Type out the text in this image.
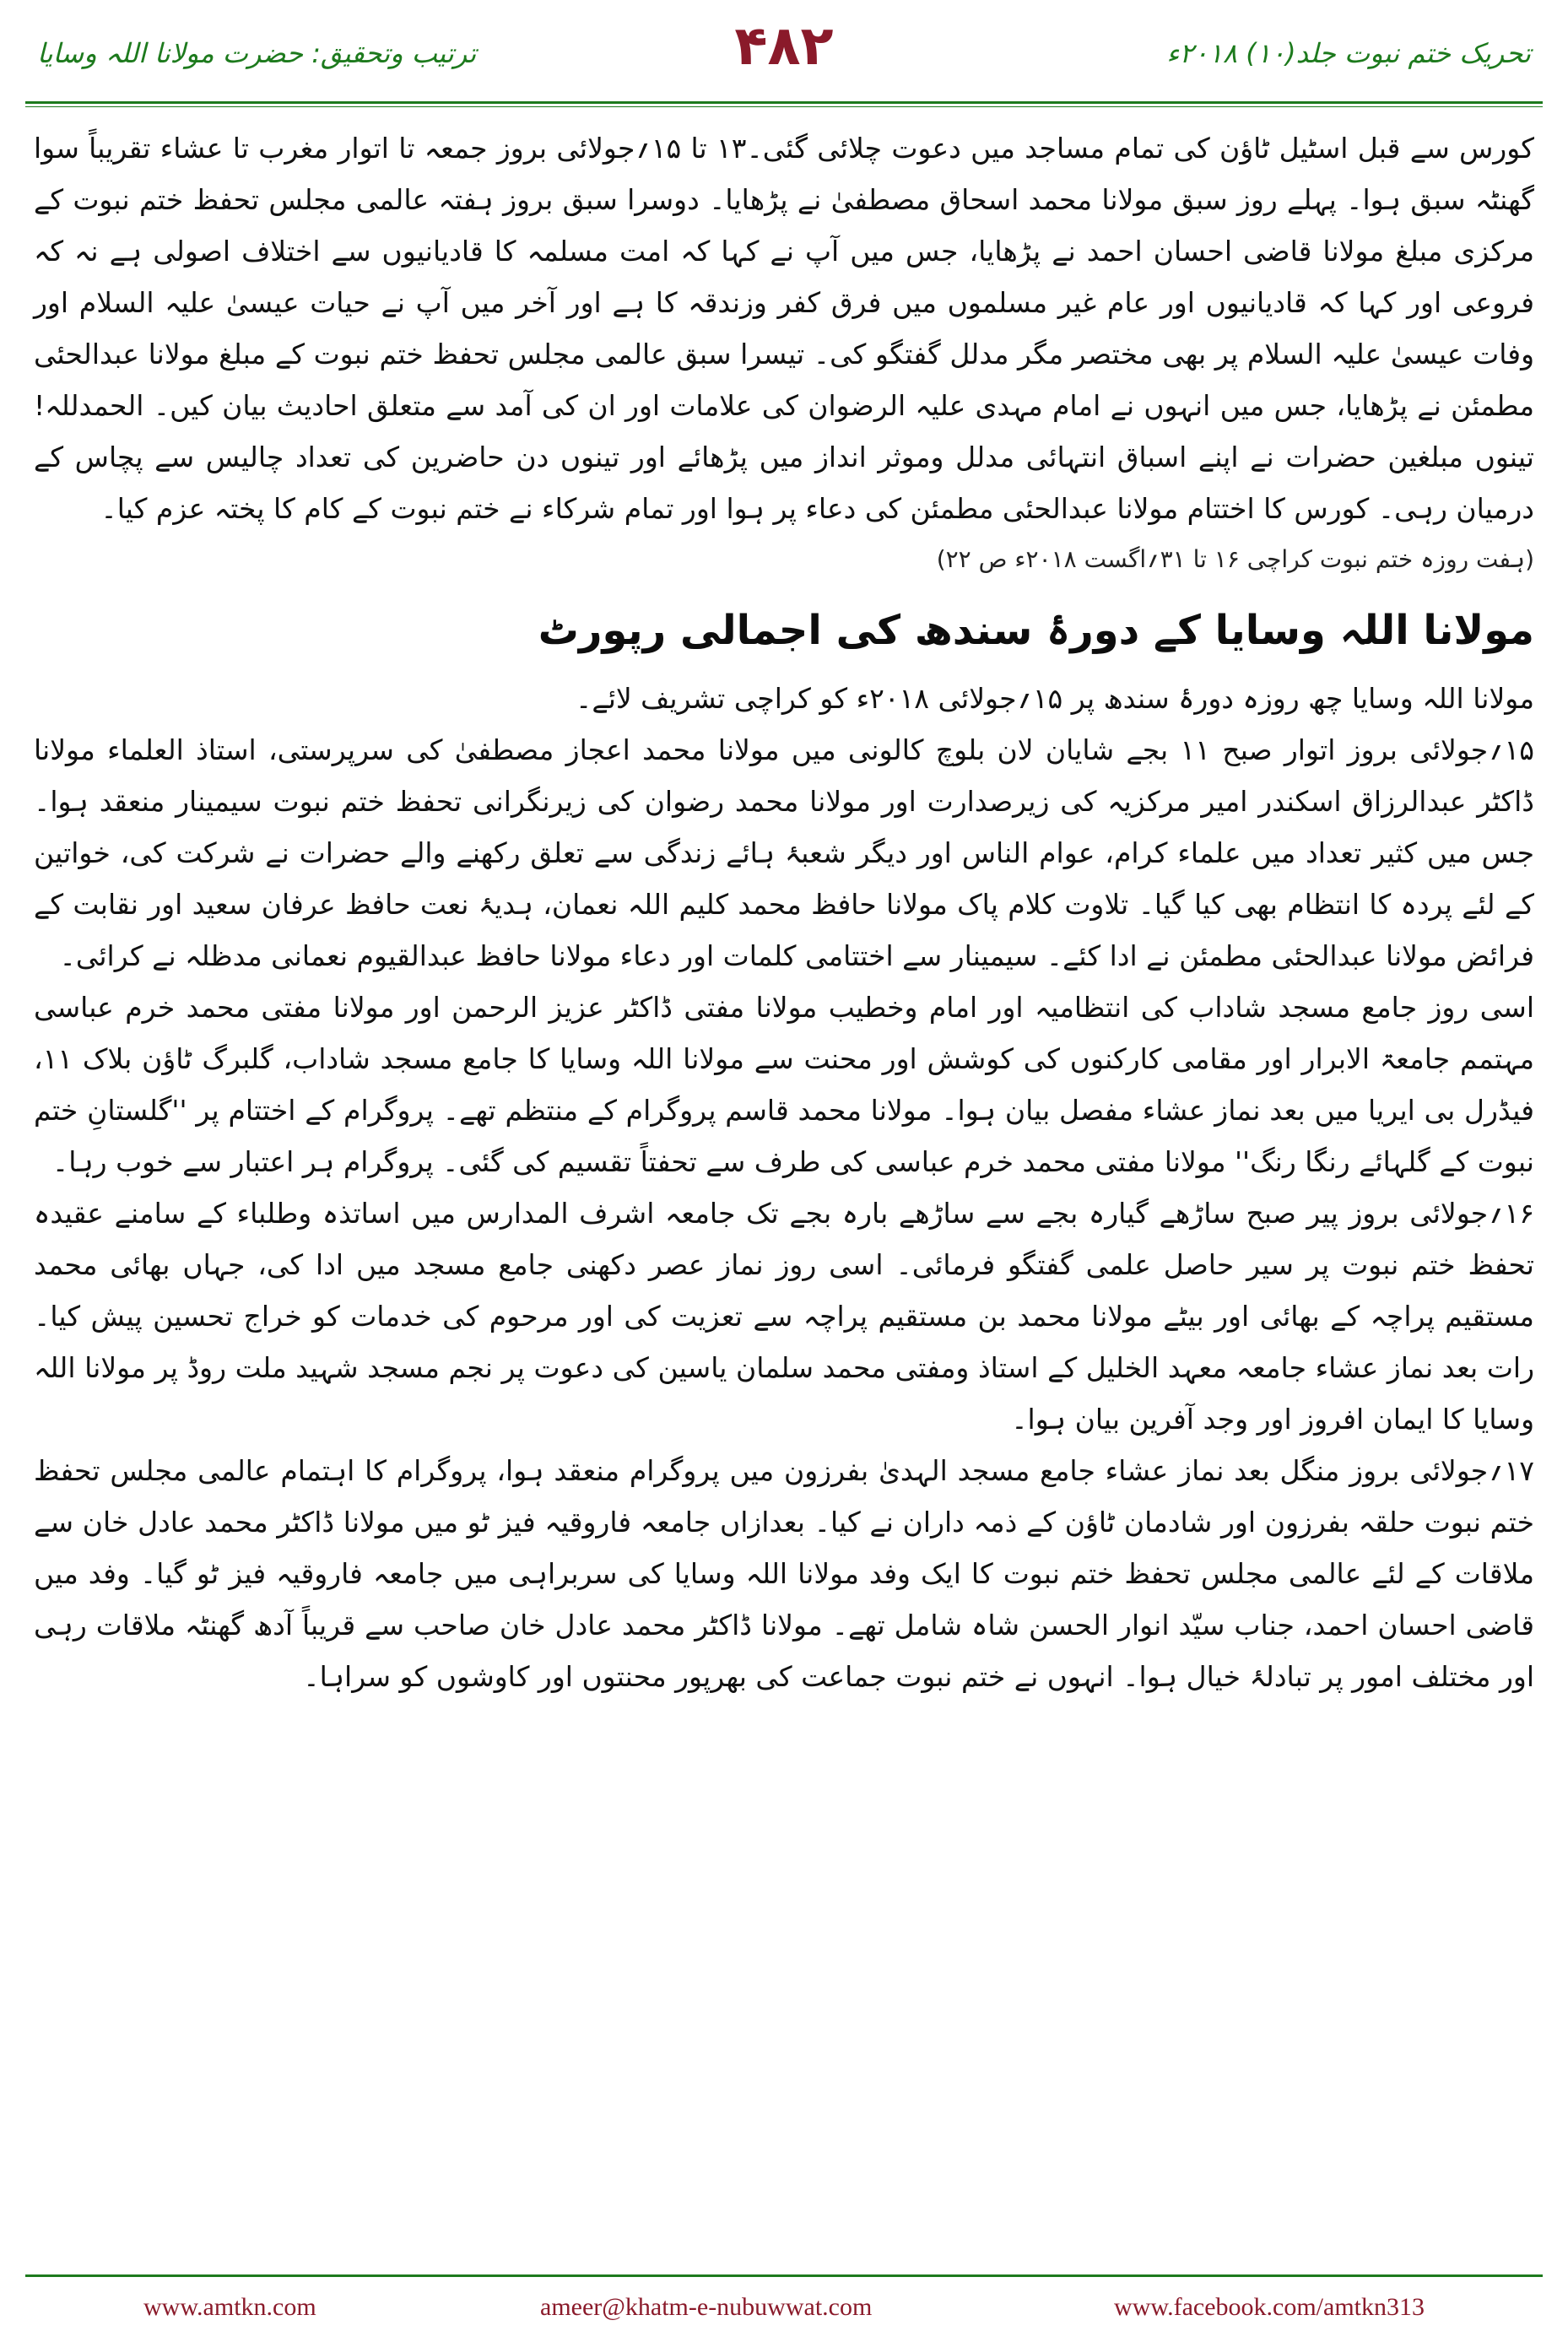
ترتیب وتحقیق: حضرت مولانا اللہ وسایا	۴۸۲	تحریک ختم نبوت جلد(۱۰) ۲۰۱۸ء

کورس سے قبل اسٹیل ٹاؤن کی تمام مساجد میں دعوت چلائی گئی۔۱۳ تا ۱۵؍جولائی بروز جمعہ تا اتوار مغرب تا عشاء تقریباً سوا گھنٹہ سبق ہوا۔ پہلے روز سبق مولانا محمد اسحاق مصطفیٰ نے پڑھایا۔ دوسرا سبق بروز ہفتہ عالمی مجلس تحفظ ختم نبوت کے مرکزی مبلغ مولانا قاضی احسان احمد نے پڑھایا، جس میں آپ نے کہا کہ امت مسلمہ کا قادیانیوں سے اختلاف اصولی ہے نہ کہ فروعی اور کہا کہ قادیانیوں اور عام غیر مسلموں میں فرق کفر وزندقہ کا ہے اور آخر میں آپ نے حیات عیسیٰ علیہ السلام اور وفات عیسیٰ علیہ السلام پر بھی مختصر مگر مدلل گفتگو کی۔ تیسرا سبق عالمی مجلس تحفظ ختم نبوت کے مبلغ مولانا عبدالحئی مطمئن نے پڑھایا، جس میں انہوں نے امام مہدی علیہ الرضوان کی علامات اور ان کی آمد سے متعلق احادیث بیان کیں۔ الحمدللہ! تینوں مبلغین حضرات نے اپنے اسباق انتہائی مدلل وموثر انداز میں پڑھائے اور تینوں دن حاضرین کی تعداد چالیس سے پچاس کے درمیان رہی۔ کورس کا اختتام مولانا عبدالحئی مطمئن کی دعاء پر ہوا اور تمام شرکاء نے ختم نبوت کے کام کا پختہ عزم کیا۔

(ہفت روزہ ختم نبوت کراچی ۱۶ تا ۳۱؍اگست ۲۰۱۸ء ص ۲۲)

مولانا اللہ وسایا کے دورۂ سندھ کی اجمالی رپورٹ

مولانا اللہ وسایا چھ روزہ دورۂ سندھ پر ۱۵؍جولائی ۲۰۱۸ء کو کراچی تشریف لائے۔

۱۵؍جولائی بروز اتوار صبح ۱۱ بجے شایان لان بلوچ کالونی میں مولانا محمد اعجاز مصطفیٰ کی سرپرستی، استاذ العلماء مولانا ڈاکٹر عبدالرزاق اسکندر امیر مرکزیہ کی زیرصدارت اور مولانا محمد رضوان کی زیرنگرانی تحفظ ختم نبوت سیمینار منعقد ہوا۔ جس میں کثیر تعداد میں علماء کرام، عوام الناس اور دیگر شعبۂ ہائے زندگی سے تعلق رکھنے والے حضرات نے شرکت کی، خواتین کے لئے پردہ کا انتظام بھی کیا گیا۔ تلاوت کلام پاک مولانا حافظ محمد کلیم اللہ نعمان، ہدیۂ نعت حافظ عرفان سعید اور نقابت کے فرائض مولانا عبدالحئی مطمئن نے ادا کئے۔ سیمینار سے اختتامی کلمات اور دعاء مولانا حافظ عبدالقیوم نعمانی مدظلہ نے کرائی۔

اسی روز جامع مسجد شاداب کی انتظامیہ اور امام وخطیب مولانا مفتی ڈاکٹر عزیز الرحمن اور مولانا مفتی محمد خرم عباسی مہتمم جامعۃ الابرار اور مقامی کارکنوں کی کوشش اور محنت سے مولانا اللہ وسایا کا جامع مسجد شاداب، گلبرگ ٹاؤن بلاک ۱۱، فیڈرل بی ایریا میں بعد نماز عشاء مفصل بیان ہوا۔ مولانا محمد قاسم پروگرام کے منتظم تھے۔ پروگرام کے اختتام پر ''گلستانِ ختم نبوت کے گلہائے رنگا رنگ'' مولانا مفتی محمد خرم عباسی کی طرف سے تحفتاً تقسیم کی گئی۔ پروگرام ہر اعتبار سے خوب رہا۔

۱۶؍جولائی بروز پیر صبح ساڑھے گیارہ بجے سے ساڑھے بارہ بجے تک جامعہ اشرف المدارس میں اساتذہ وطلباء کے سامنے عقیدہ تحفظ ختم نبوت پر سیر حاصل علمی گفتگو فرمائی۔ اسی روز نماز عصر دکھنی جامع مسجد میں ادا کی، جہاں بھائی محمد مستقیم پراچہ کے بھائی اور بیٹے مولانا محمد بن مستقیم پراچہ سے تعزیت کی اور مرحوم کی خدمات کو خراج تحسین پیش کیا۔ رات بعد نماز عشاء جامعہ معہد الخلیل کے استاذ ومفتی محمد سلمان یاسین کی دعوت پر نجم مسجد شہید ملت روڈ پر مولانا اللہ وسایا کا ایمان افروز اور وجد آفرین بیان ہوا۔

۱۷؍جولائی بروز منگل بعد نماز عشاء جامع مسجد الہدیٰ بفرزون میں پروگرام منعقد ہوا، پروگرام کا اہتمام عالمی مجلس تحفظ ختم نبوت حلقہ بفرزون اور شادمان ٹاؤن کے ذمہ داران نے کیا۔ بعدازاں جامعہ فاروقیہ فیز ٹو میں مولانا ڈاکٹر محمد عادل خان سے ملاقات کے لئے عالمی مجلس تحفظ ختم نبوت کا ایک وفد مولانا اللہ وسایا کی سربراہی میں جامعہ فاروقیہ فیز ٹو گیا۔ وفد میں قاضی احسان احمد، جناب سیّد انوار الحسن شاہ شامل تھے۔ مولانا ڈاکٹر محمد عادل خان صاحب سے قریباً آدھ گھنٹہ ملاقات رہی اور مختلف امور پر تبادلۂ خیال ہوا۔ انہوں نے ختم نبوت جماعت کی بھرپور محنتوں اور کاوشوں کو سراہا۔

www.amtkn.com	ameer@khatm-e-nubuwwat.com	www.facebook.com/amtkn313
